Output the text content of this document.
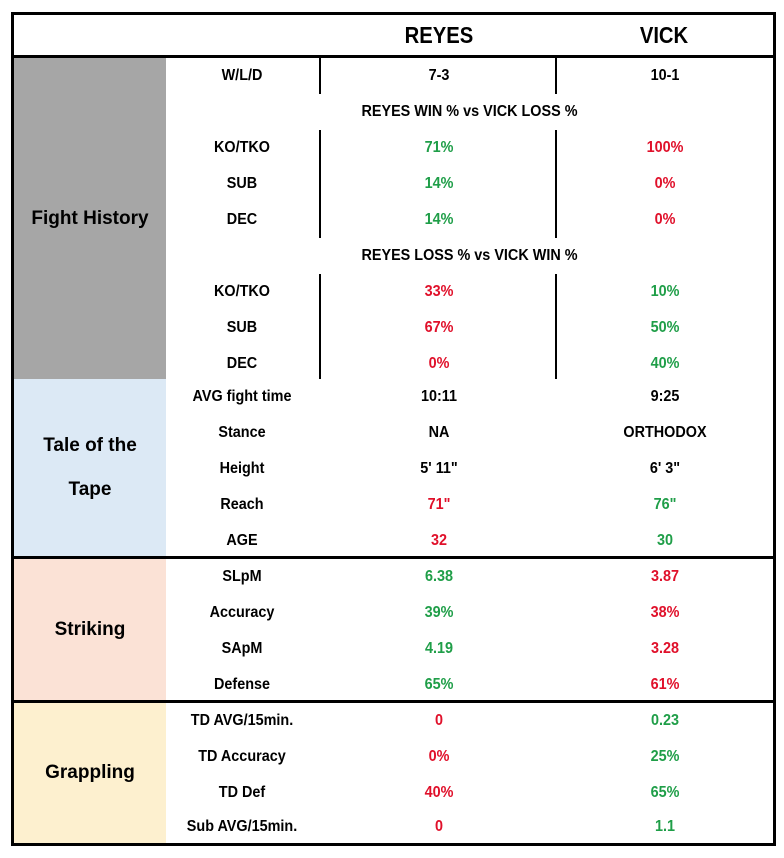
REYES	VICK
Fight History
W/L/D	7-3	10-1
REYES WIN % vs VICK LOSS %
KO/TKO	71%	100%
SUB	14%	0%
DEC	14%	0%
REYES LOSS % vs VICK WIN %
KO/TKO	33%	10%
SUB	67%	50%
DEC	0%	40%
Tale of the
Tape
AVG fight time	10:11	9:25
Stance	NA	ORTHODOX
Height	5' 11"	6' 3"
Reach	71"	76"
AGE	32	30
Striking
SLpM	6.38	3.87
Accuracy	39%	38%
SApM	4.19	3.28
Defense	65%	61%
Grappling
TD AVG/15min.	0	0.23
TD Accuracy	0%	25%
TD Def	40%	65%
Sub AVG/15min.	0	1.1
